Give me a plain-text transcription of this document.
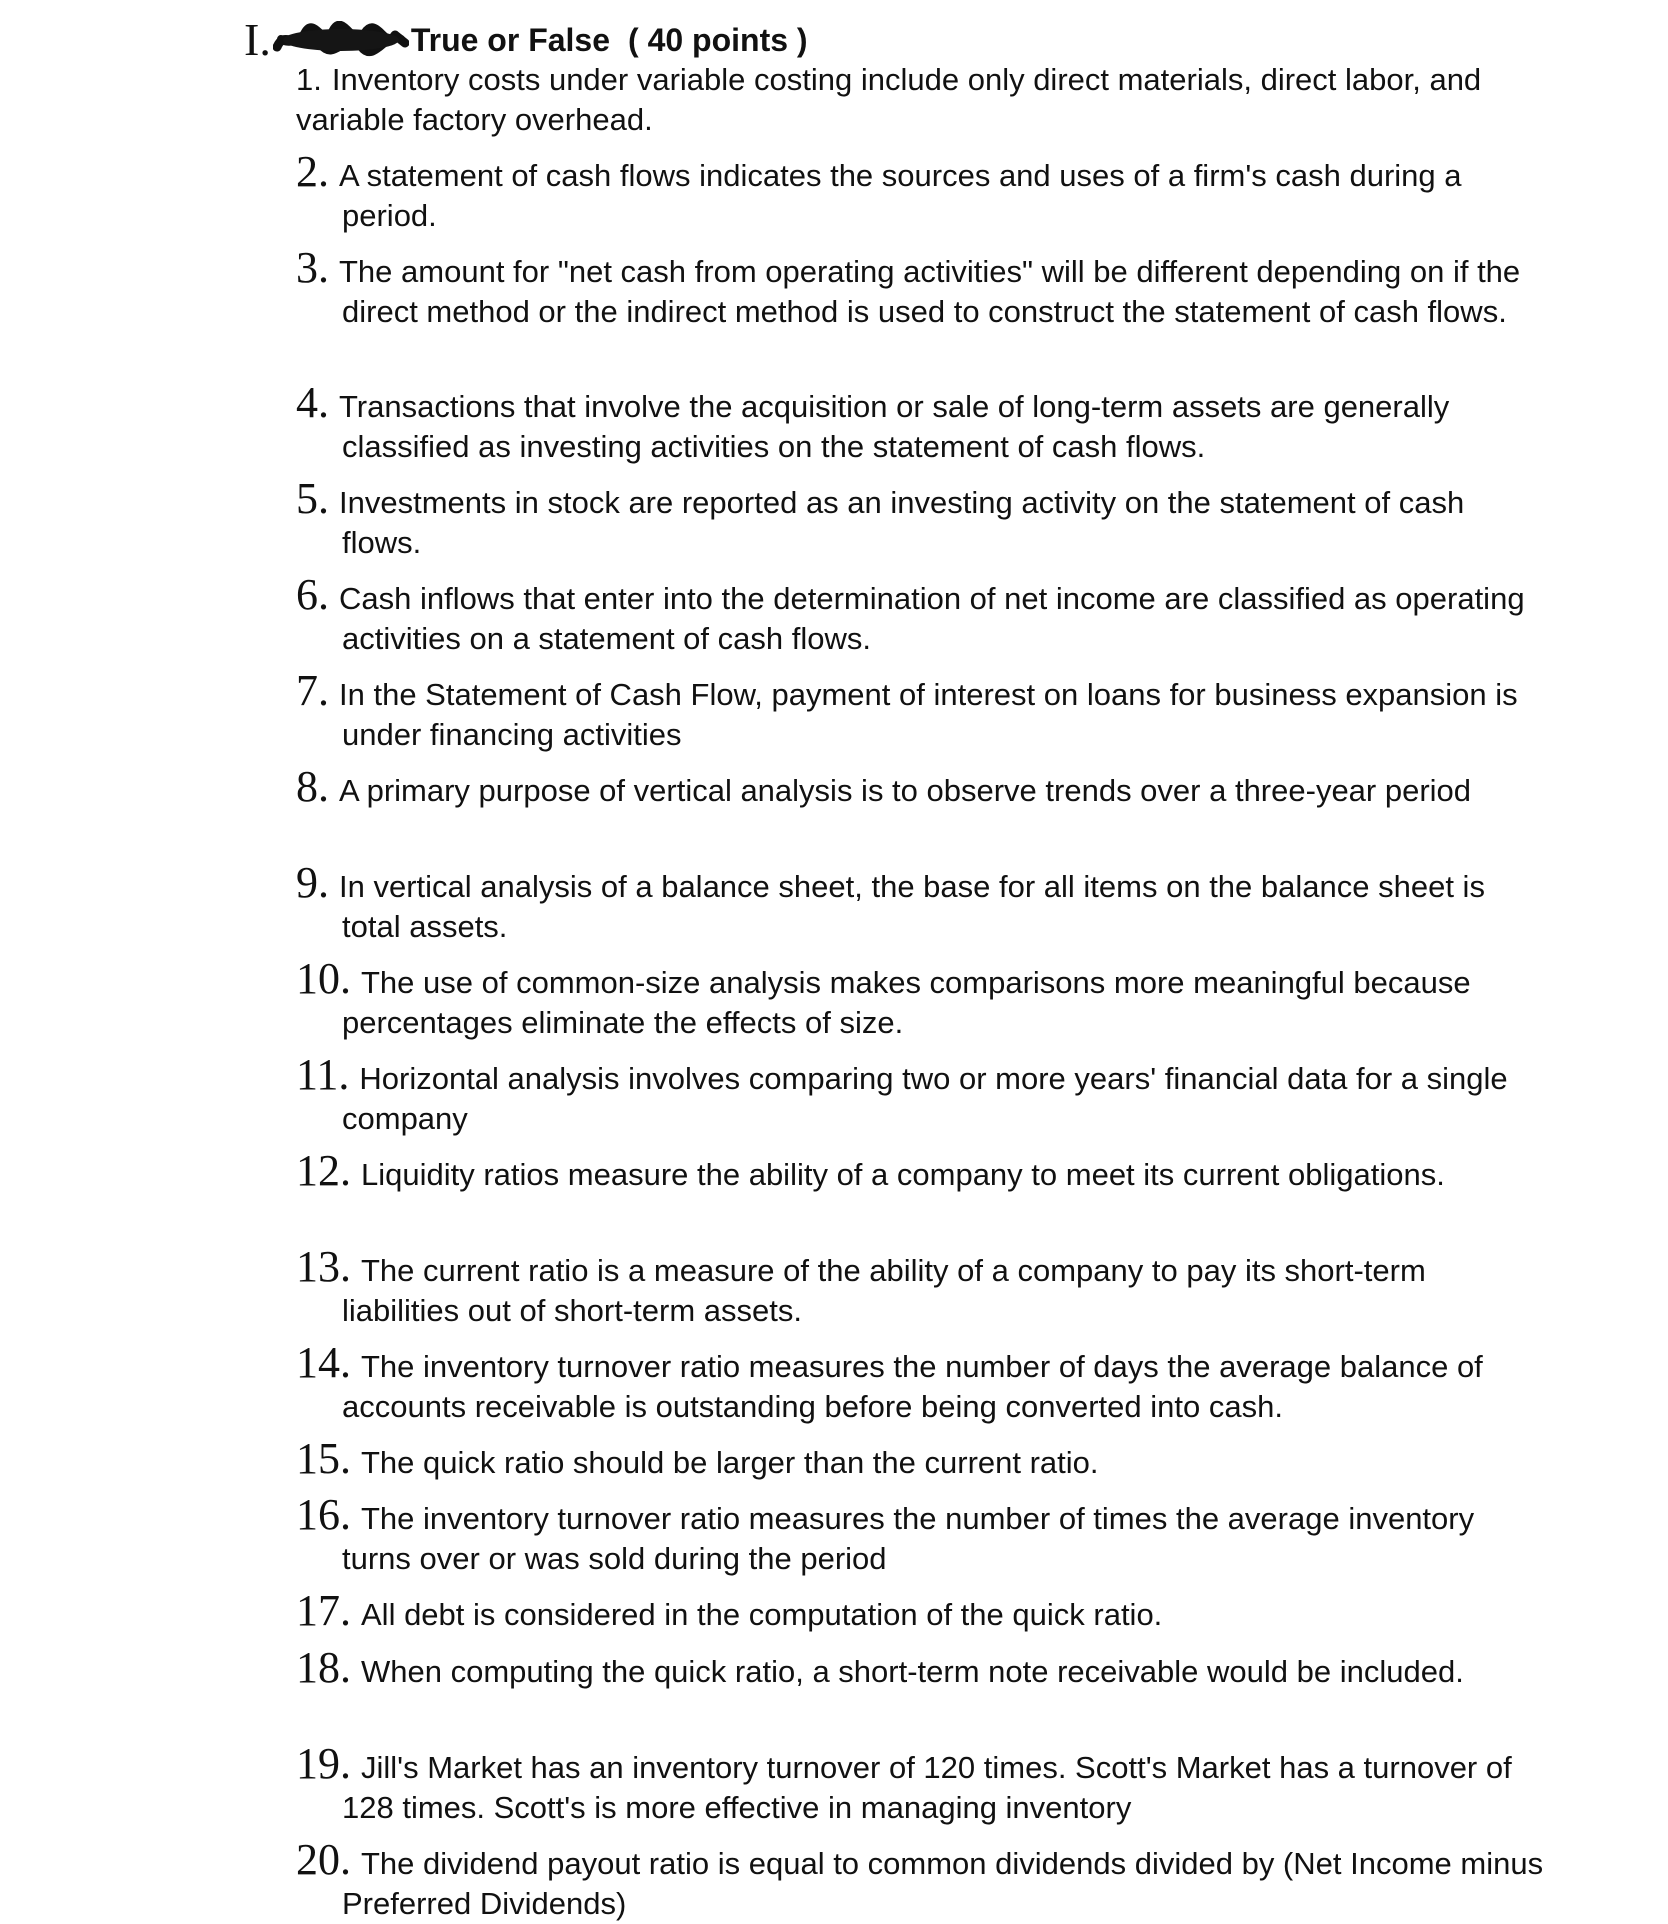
I.	True or False ( 40 points )
1. Inventory costs under variable costing include only direct materials, direct labor, and variable factory overhead.
2. A statement of cash flows indicates the sources and uses of a firm's cash during a period.
3. The amount for "net cash from operating activities" will be different depending on if the direct method or the indirect method is used to construct the statement of cash flows.
4. Transactions that involve the acquisition or sale of long-term assets are generally classified as investing activities on the statement of cash flows.
5. Investments in stock are reported as an investing activity on the statement of cash flows.
6. Cash inflows that enter into the determination of net income are classified as operating activities on a statement of cash flows.
7. In the Statement of Cash Flow, payment of interest on loans for business expansion is under financing activities
8. A primary purpose of vertical analysis is to observe trends over a three-year period
9. In vertical analysis of a balance sheet, the base for all items on the balance sheet is total assets.
10. The use of common-size analysis makes comparisons more meaningful because percentages eliminate the effects of size.
11. Horizontal analysis involves comparing two or more years' financial data for a single company
12. Liquidity ratios measure the ability of a company to meet its current obligations.
13. The current ratio is a measure of the ability of a company to pay its short-term liabilities out of short-term assets.
14. The inventory turnover ratio measures the number of days the average balance of accounts receivable is outstanding before being converted into cash.
15. The quick ratio should be larger than the current ratio.
16. The inventory turnover ratio measures the number of times the average inventory turns over or was sold during the period
17. All debt is considered in the computation of the quick ratio.
18. When computing the quick ratio, a short-term note receivable would be included.
19. Jill's Market has an inventory turnover of 120 times. Scott's Market has a turnover of 128 times. Scott's is more effective in managing inventory
20. The dividend payout ratio is equal to common dividends divided by (Net Income minus Preferred Dividends)
